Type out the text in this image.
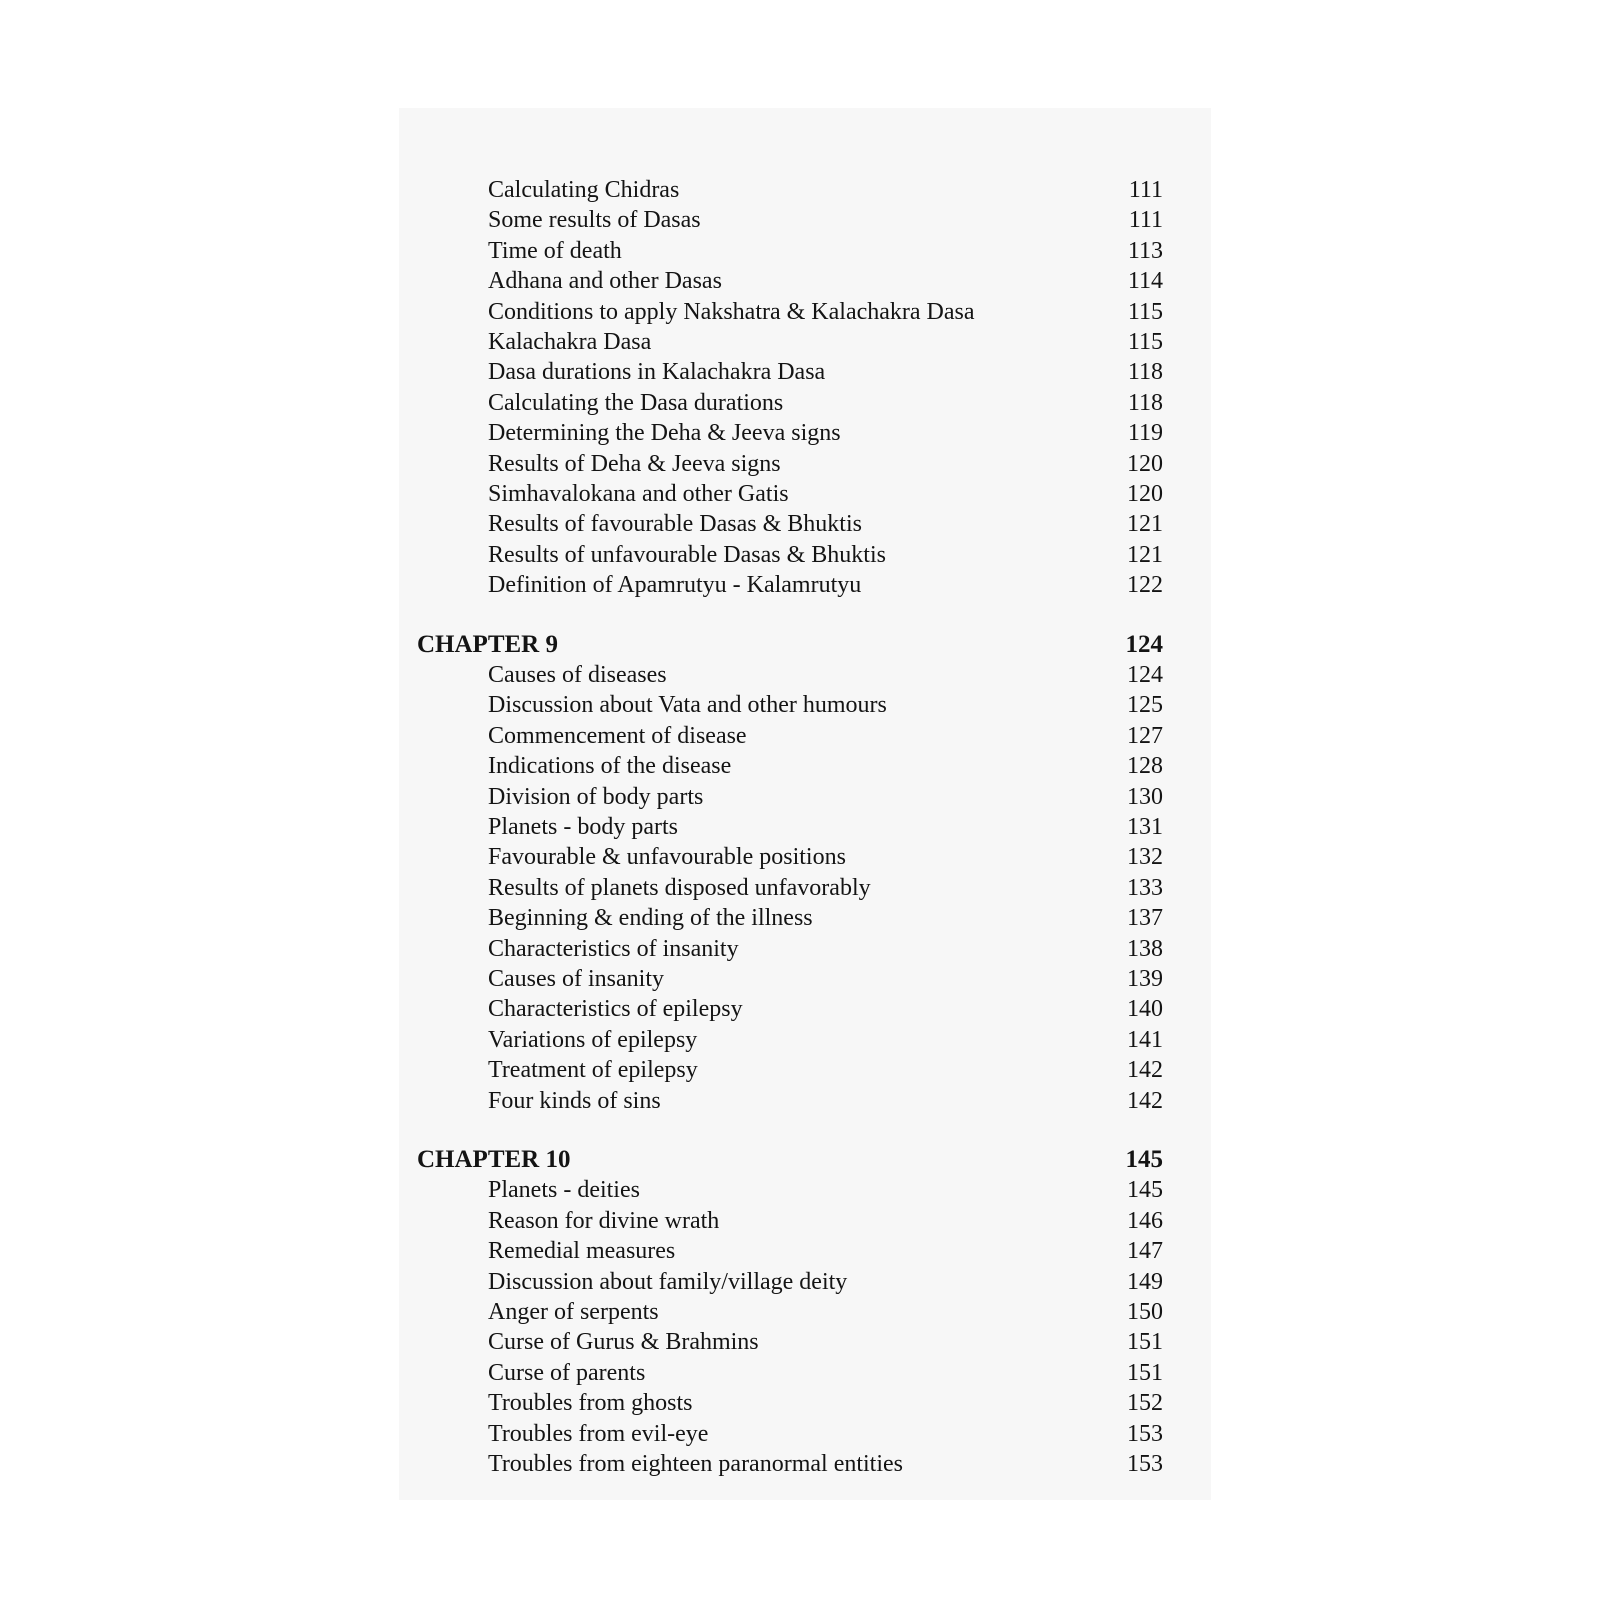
Calculating Chidras	111
Some results of Dasas	111
Time of death	113
Adhana and other Dasas	114
Conditions to apply Nakshatra & Kalachakra Dasa	115
Kalachakra Dasa	115
Dasa durations in Kalachakra Dasa	118
Calculating the Dasa durations	118
Determining the Deha & Jeeva signs	119
Results of Deha & Jeeva signs	120
Simhavalokana and other Gatis	120
Results of favourable Dasas & Bhuktis	121
Results of unfavourable Dasas & Bhuktis	121
Definition of Apamrutyu - Kalamrutyu	122
CHAPTER 9	124
Causes of diseases	124
Discussion about Vata and other humours	125
Commencement of disease	127
Indications of the disease	128
Division of body parts	130
Planets - body parts	131
Favourable & unfavourable positions	132
Results of planets disposed unfavorably	133
Beginning & ending of the illness	137
Characteristics of insanity	138
Causes of insanity	139
Characteristics of epilepsy	140
Variations of epilepsy	141
Treatment of epilepsy	142
Four kinds of sins	142
CHAPTER 10	145
Planets - deities	145
Reason for divine wrath	146
Remedial measures	147
Discussion about family/village deity	149
Anger of serpents	150
Curse of Gurus & Brahmins	151
Curse of parents	151
Troubles from ghosts	152
Troubles from evil-eye	153
Troubles from eighteen paranormal entities	153
